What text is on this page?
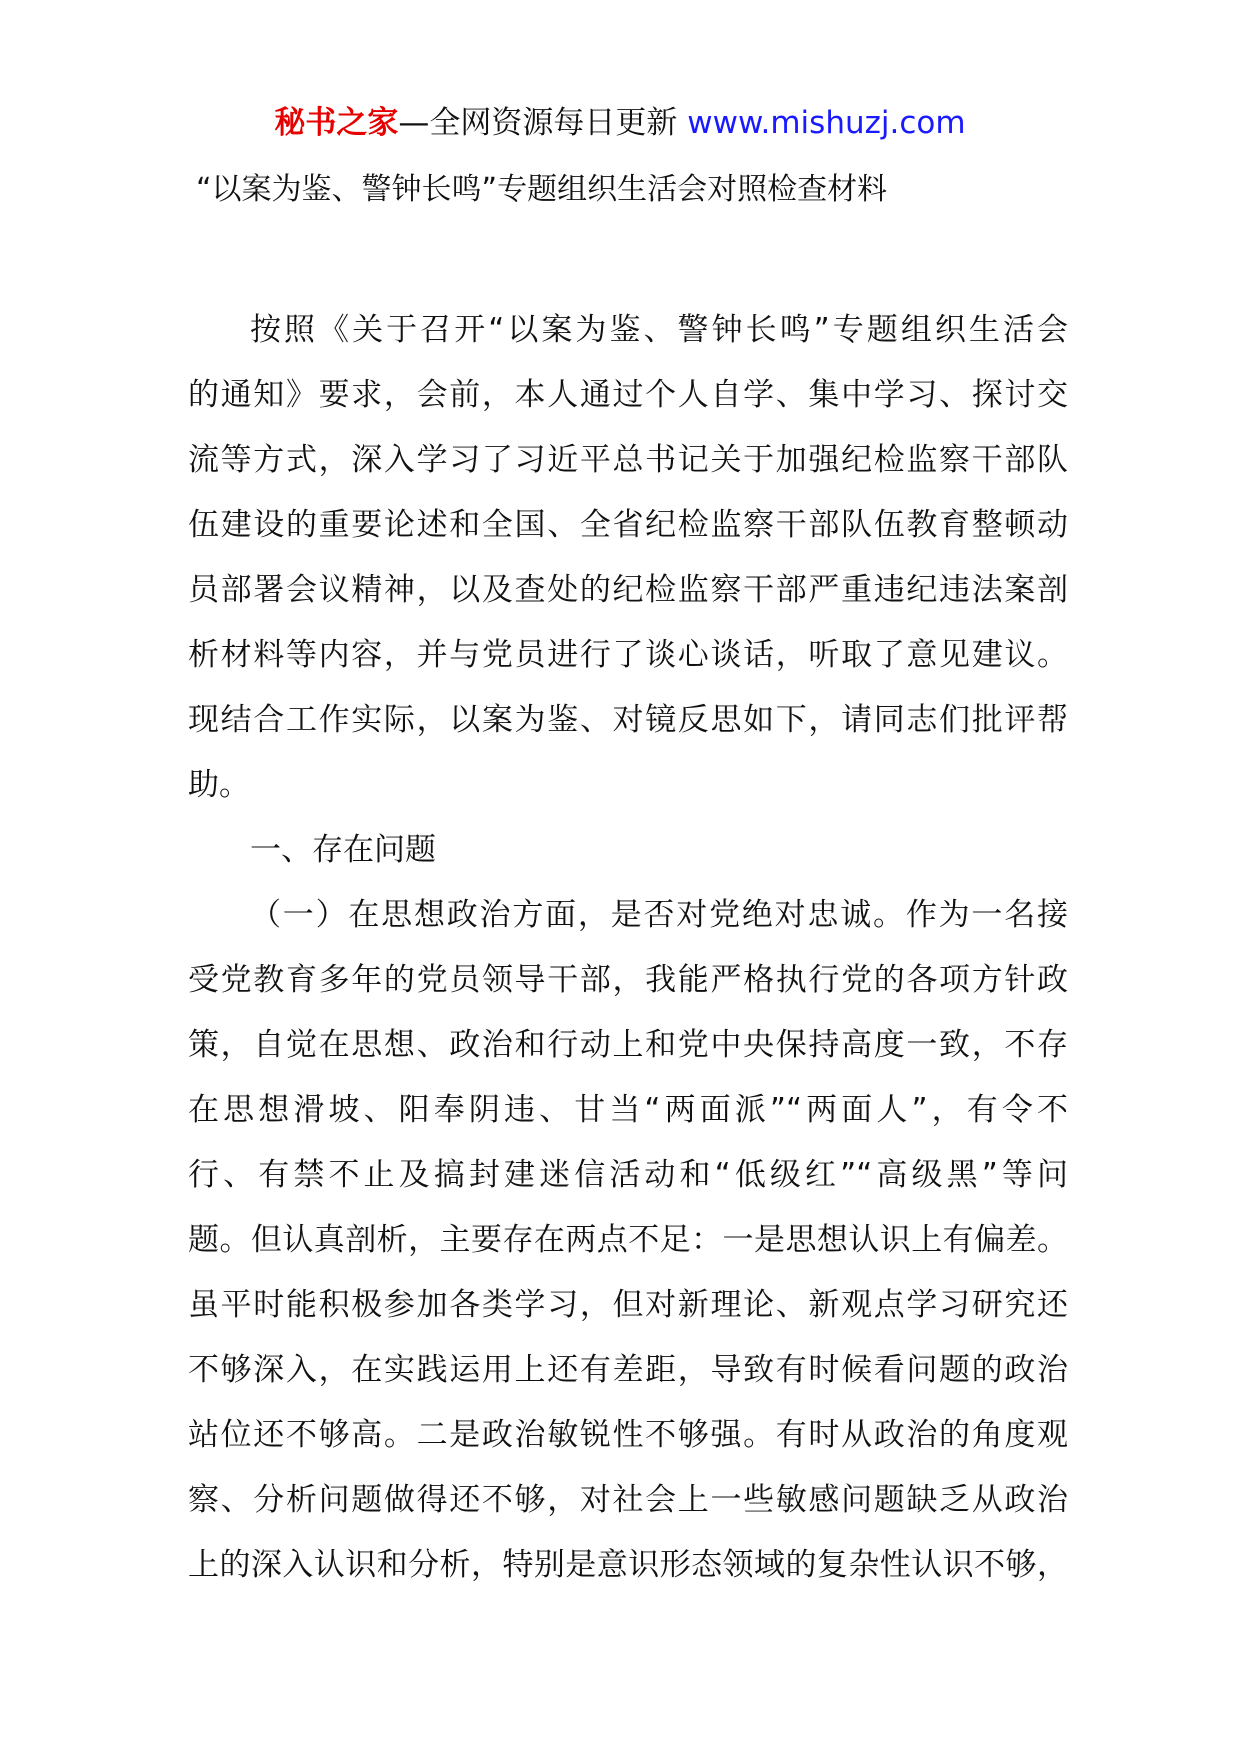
秘书之家—全网资源每日更新 www.mishuzj.com
“以案为鉴、警钟长鸣”专题组织生活会对照检查材料
按照《关于召开“以案为鉴、警钟长鸣”专题组织生活会
的通知》要求，会前，本人通过个人自学、集中学习、探讨交
流等方式，深入学习了习近平总书记关于加强纪检监察干部队
伍建设的重要论述和全国、全省纪检监察干部队伍教育整顿动
员部署会议精神，以及查处的纪检监察干部严重违纪违法案剖
析材料等内容，并与党员进行了谈心谈话，听取了意见建议。
现结合工作实际，以案为鉴、对镜反思如下，请同志们批评帮
助。
一、存在问题
（一）在思想政治方面，是否对党绝对忠诚。作为一名接
受党教育多年的党员领导干部，我能严格执行党的各项方针政
策，自觉在思想、政治和行动上和党中央保持高度一致，不存
在思想滑坡、阳奉阴违、甘当“两面派”“两面人”，有令不
行、有禁不止及搞封建迷信活动和“低级红”“高级黑”等问
题。但认真剖析，主要存在两点不足：一是思想认识上有偏差。
虽平时能积极参加各类学习，但对新理论、新观点学习研究还
不够深入，在实践运用上还有差距，导致有时候看问题的政治
站位还不够高。二是政治敏锐性不够强。有时从政治的角度观
察、分析问题做得还不够，对社会上一些敏感问题缺乏从政治
上的深入认识和分析，特别是意识形态领域的复杂性认识不够，
